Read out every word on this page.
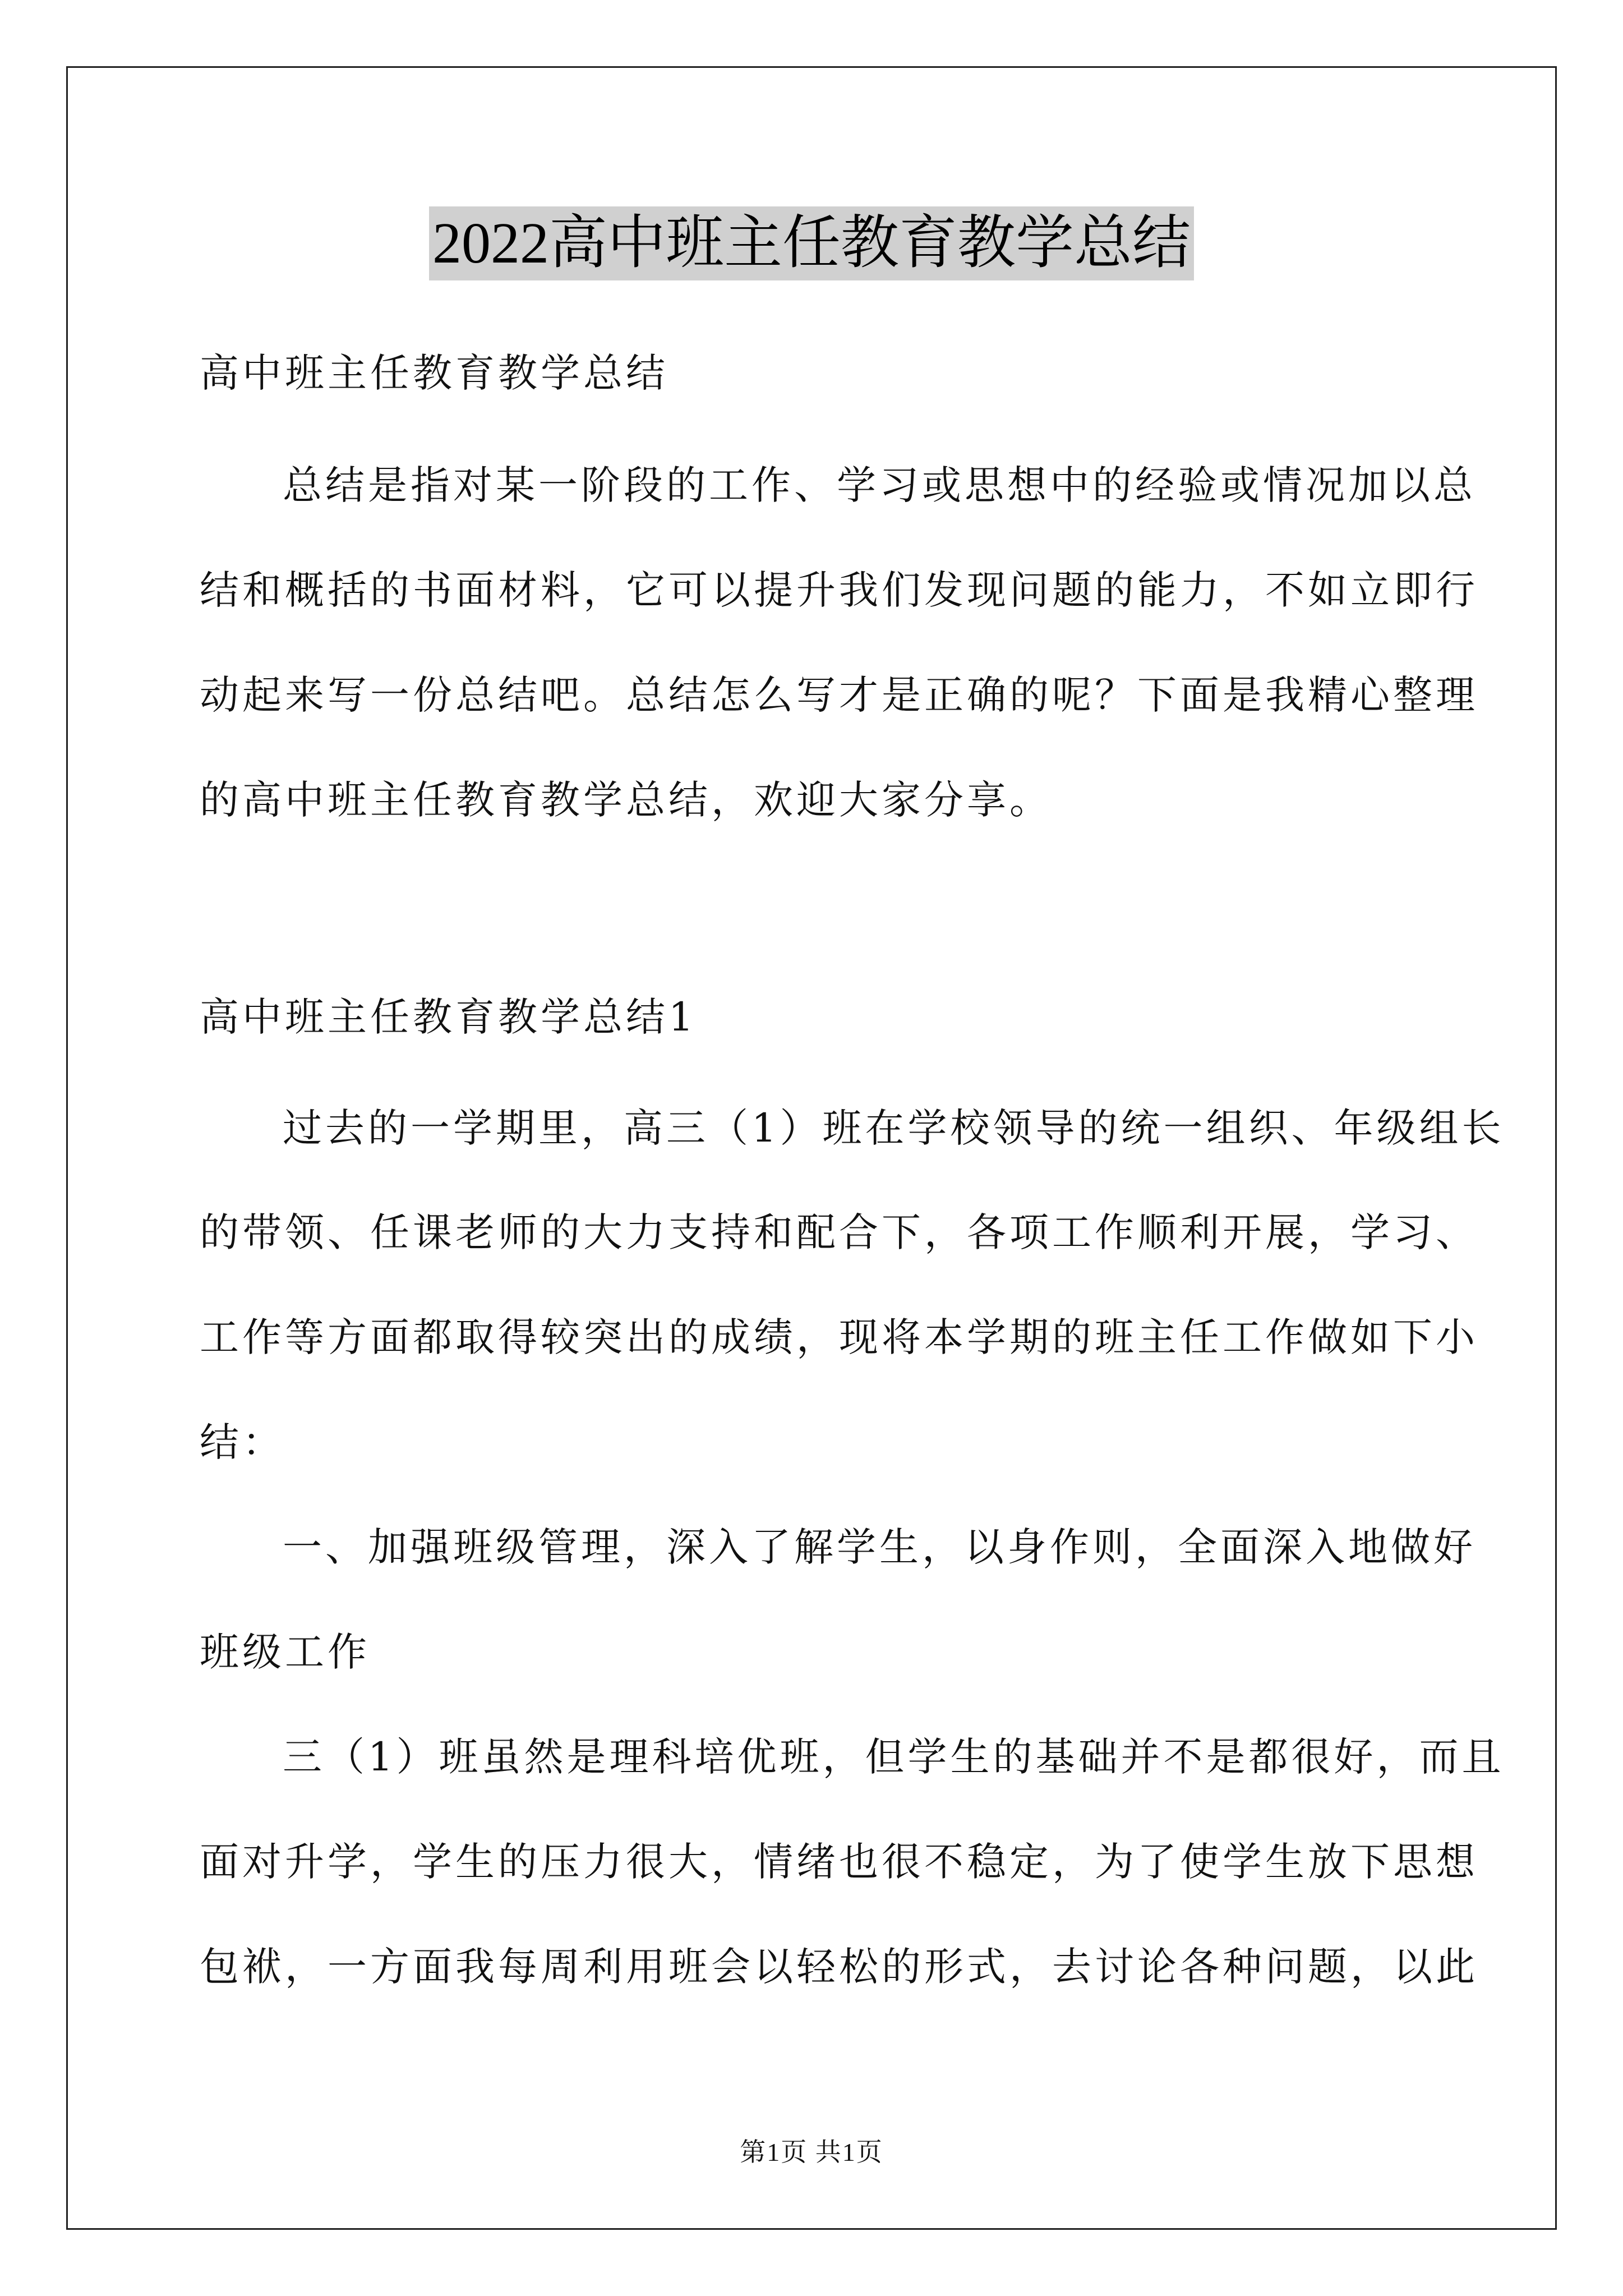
2022高中班主任教育教学总结
高中班主任教育教学总结
总结是指对某一阶段的工作、学习或思想中的经验或情况加以总
结和概括的书面材料，它可以提升我们发现问题的能力，不如立即行
动起来写一份总结吧。总结怎么写才是正确的呢？下面是我精心整理
的高中班主任教育教学总结，欢迎大家分享。
高中班主任教育教学总结1
过去的一学期里，高三（1）班在学校领导的统一组织、年级组长
的带领、任课老师的大力支持和配合下，各项工作顺利开展，学习、
工作等方面都取得较突出的成绩，现将本学期的班主任工作做如下小
结：
一、加强班级管理，深入了解学生，以身作则，全面深入地做好
班级工作
三（1）班虽然是理科培优班，但学生的基础并不是都很好，而且
面对升学，学生的压力很大，情绪也很不稳定，为了使学生放下思想
包袱，一方面我每周利用班会以轻松的形式，去讨论各种问题，以此
第1页 共1页
